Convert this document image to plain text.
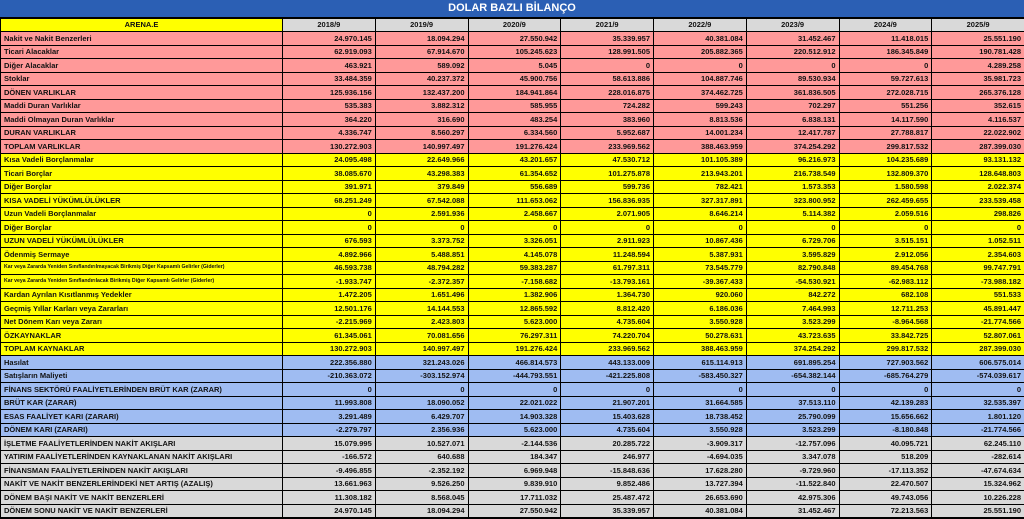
DOLAR BAZLI BİLANÇO
ARENA.E	2018/9	2019/9	2020/9	2021/9	2022/9	2023/9	2024/9	2025/9
Nakit ve Nakit Benzerleri	24.970.145	18.094.294	27.550.942	35.339.957	40.381.084	31.452.467	11.418.015	25.551.190
Ticari Alacaklar	62.919.093	67.914.670	105.245.623	128.991.505	205.882.365	220.512.912	186.345.849	190.781.428
Diğer Alacaklar	463.921	589.092	5.045	0	0	0	0	4.289.258
Stoklar	33.484.359	40.237.372	45.900.756	58.613.886	104.887.746	89.530.934	59.727.613	35.981.723
DÖNEN VARLIKLAR	125.936.156	132.437.200	184.941.864	228.016.875	374.462.725	361.836.505	272.028.715	265.376.128
Maddi Duran Varlıklar	535.383	3.882.312	585.955	724.282	599.243	702.297	551.256	352.615
Maddi Olmayan Duran Varlıklar	364.220	316.690	483.254	383.960	8.813.536	6.838.131	14.117.590	4.116.537
DURAN VARLIKLAR	4.336.747	8.560.297	6.334.560	5.952.687	14.001.234	12.417.787	27.788.817	22.022.902
TOPLAM VARLIKLAR	130.272.903	140.997.497	191.276.424	233.969.562	388.463.959	374.254.292	299.817.532	287.399.030
Kısa Vadeli Borçlanmalar	24.095.498	22.649.966	43.201.657	47.530.712	101.105.389	96.216.973	104.235.689	93.131.132
Ticari Borçlar	38.085.670	43.298.383	61.354.652	101.275.878	213.943.201	216.738.549	132.809.370	128.648.803
Diğer Borçlar	391.971	379.849	556.689	599.736	782.421	1.573.353	1.580.598	2.022.374
KISA VADELİ YÜKÜMLÜLÜKLER	68.251.249	67.542.088	111.653.062	156.836.935	327.317.891	323.800.952	262.459.655	233.539.458
Uzun Vadeli Borçlanmalar	0	2.591.936	2.458.667	2.071.905	8.646.214	5.114.382	2.059.516	298.826
Diğer Borçlar	0	0	0	0	0	0	0	0
UZUN VADELİ YÜKÜMLÜLÜKLER	676.593	3.373.752	3.326.051	2.911.923	10.867.436	6.729.706	3.515.151	1.052.511
Ödenmiş Sermaye	4.892.966	5.488.851	4.145.078	11.248.594	5.387.931	3.595.829	2.912.056	2.354.603
Kar veya Zararda Yeniden Sınıflandırılmayacak Birikmiş Diğer Kapsamlı Gelirler (Giderler)	46.593.738	48.794.282	59.383.287	61.797.311	73.545.779	82.790.848	89.454.768	99.747.791
Kar veya Zararda Yeniden Sınıflandırılacak Birikmiş Diğer Kapsamlı Gelirler (Giderler)	-1.933.747	-2.372.357	-7.158.682	-13.793.161	-39.367.433	-54.530.921	-62.983.112	-73.988.182
Kardan Ayrılan Kısıtlanmış Yedekler	1.472.205	1.651.496	1.382.906	1.364.730	920.060	842.272	682.108	551.533
Geçmiş Yıllar Karları veya Zararları	12.501.176	14.144.553	12.865.592	8.812.420	6.186.036	7.464.993	12.711.253	45.891.447
Net Dönem Karı veya Zararı	-2.215.969	2.423.803	5.623.000	4.735.604	3.550.928	3.523.299	-8.964.568	-21.774.566
ÖZKAYNAKLAR	61.345.061	70.081.656	76.297.311	74.220.704	50.278.631	43.723.635	33.842.725	52.807.061
TOPLAM KAYNAKLAR	130.272.903	140.997.497	191.276.424	233.969.562	388.463.959	374.254.292	299.817.532	287.399.030
Hasılat	222.356.880	321.243.026	466.814.573	443.133.009	615.114.913	691.895.254	727.903.562	606.575.014
Satışların Maliyeti	-210.363.072	-303.152.974	-444.793.551	-421.225.808	-583.450.327	-654.382.144	-685.764.279	-574.039.617
FİNANS SEKTÖRÜ FAALİYETLERİNDEN BRÜT KAR (ZARAR)	0	0	0	0	0	0	0	0
BRÜT KAR (ZARAR)	11.993.808	18.090.052	22.021.022	21.907.201	31.664.585	37.513.110	42.139.283	32.535.397
ESAS FAALİYET KARI (ZARARI)	3.291.489	6.429.707	14.903.328	15.403.628	18.738.452	25.790.099	15.656.662	1.801.120
DÖNEM KARI (ZARARI)	-2.279.797	2.356.936	5.623.000	4.735.604	3.550.928	3.523.299	-8.180.848	-21.774.566
İŞLETME FAALİYETLERİNDEN NAKİT AKIŞLARI	15.079.995	10.527.071	-2.144.536	20.285.722	-3.909.317	-12.757.096	40.095.721	62.245.110
YATIRIM FAALİYETLERİNDEN KAYNAKLANAN NAKİT AKIŞLARI	-166.572	640.688	184.347	246.977	-4.694.035	3.347.078	518.209	-282.614
FİNANSMAN FAALİYETLERİNDEN NAKİT AKIŞLARI	-9.496.855	-2.352.192	6.969.948	-15.848.636	17.628.280	-9.729.960	-17.113.352	-47.674.634
NAKİT VE NAKİT BENZERLERİNDEKİ NET ARTIŞ (AZALIŞ)	13.661.963	9.526.250	9.839.910	9.852.486	13.727.394	-11.522.840	22.470.507	15.324.962
DÖNEM BAŞI NAKİT VE NAKİT BENZERLERİ	11.308.182	8.568.045	17.711.032	25.487.472	26.653.690	42.975.306	49.743.056	10.226.228
DÖNEM SONU NAKİT VE NAKİT BENZERLERİ	24.970.145	18.094.294	27.550.942	35.339.957	40.381.084	31.452.467	72.213.563	25.551.190
